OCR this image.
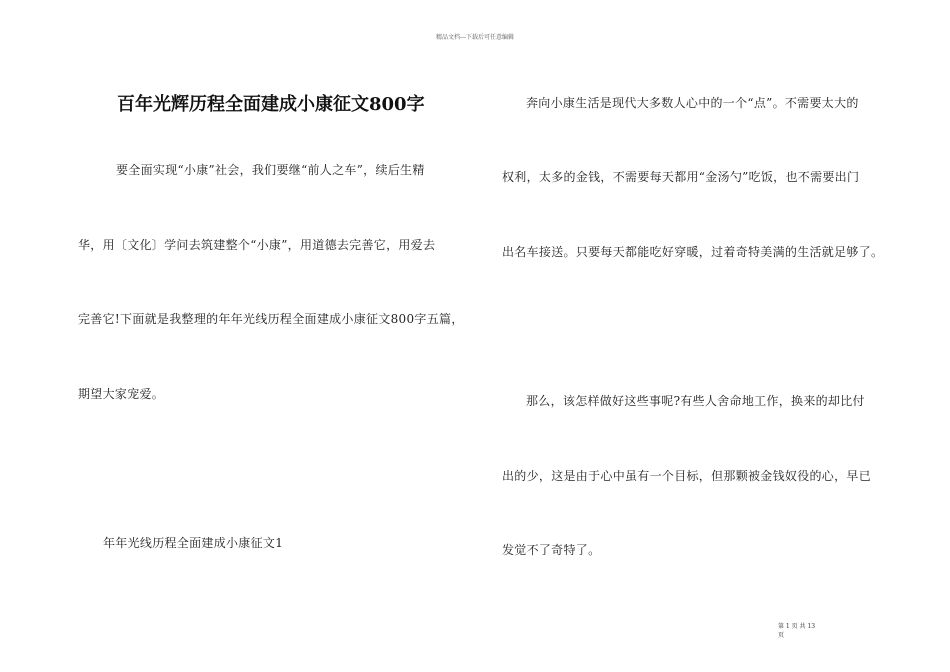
精品文档---下载后可任意编辑
百年光辉历程全面建成小康征文800字
要全面实现“小康”社会，我们要继“前人之车”，续后生精
华，用〔文化〕学问去筑建整个“小康”，用道德去完善它，用爱去
完善它!下面就是我整理的年年光线历程全面建成小康征文800字五篇，
期望大家宠爱。
年年光线历程全面建成小康征文1
奔向小康生活是现代大多数人心中的一个“点”。不需要太大的
权利，太多的金钱，不需要每天都用“金汤勺”吃饭，也不需要出门
出名车接送。只要每天都能吃好穿暖，过着奇特美满的生活就足够了。
那么，该怎样做好这些事呢?有些人舍命地工作，换来的却比付
出的少，这是由于心中虽有一个目标，但那颗被金钱奴役的心，早已
发觉不了奇特了。
第 1 页 共 13
页
